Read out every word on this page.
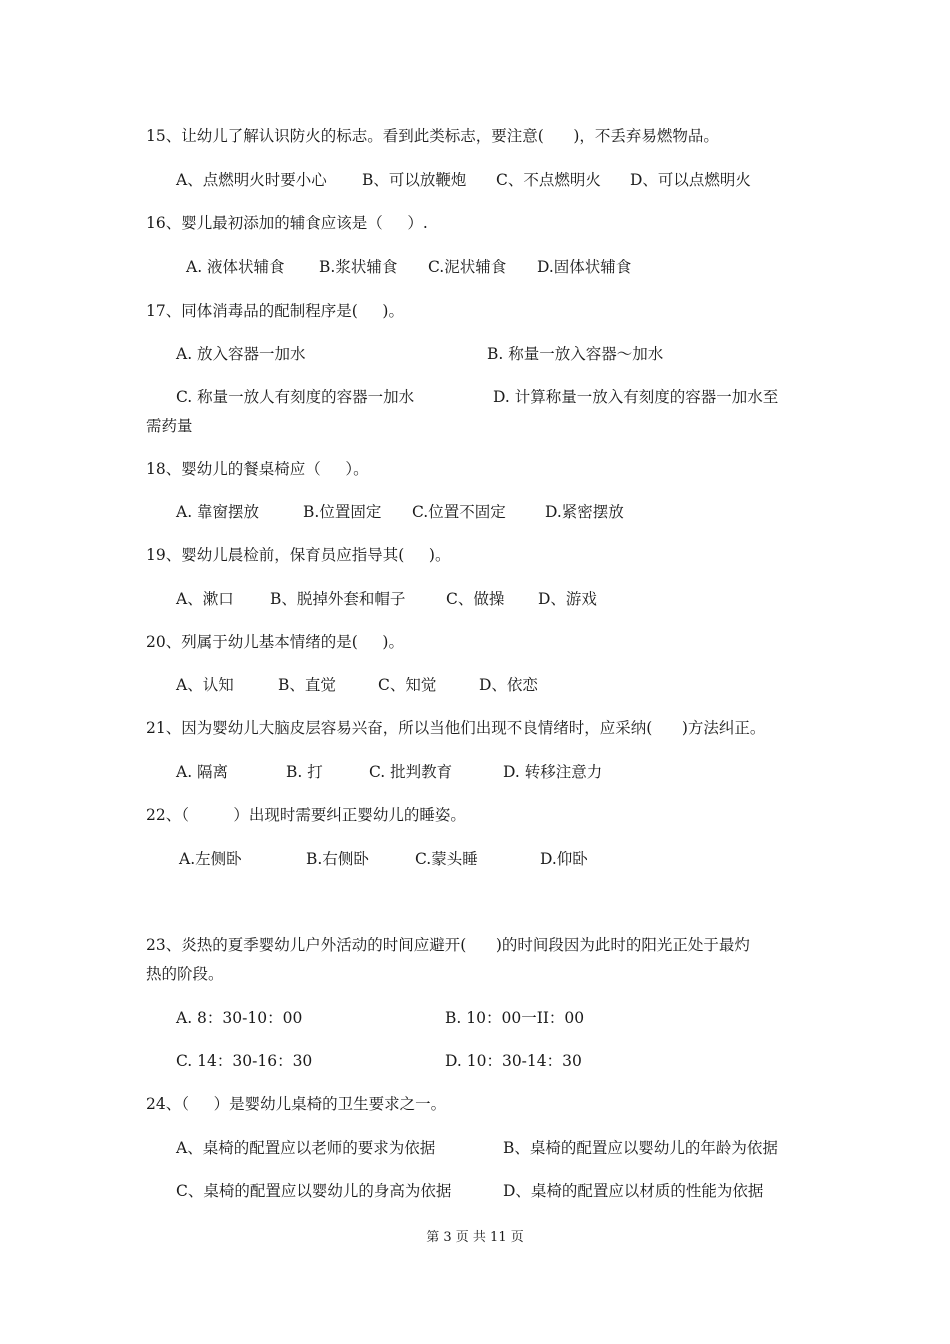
15、让幼儿了解认识防火的标志。看到此类标志，要注意(      )，不丢弃易燃物品。
A、点燃明火时要小心 B、可以放鞭炮 C、不点燃明火 D、可以点燃明火
16、婴儿最初添加的辅食应该是（     ）.
A. 液体状辅食 B.浆状辅食 C.泥状辅食 D.固体状辅食
17、同体消毒品的配制程序是(     )。
A. 放入容器一加水	B. 称量一放入容器～加水
C. 称量一放人有刻度的容器一加水	D. 计算称量一放入有刻度的容器一加水至
需药量
18、婴幼儿的餐桌椅应（     ）。
A. 靠窗摆放	B.位置固定 C.位置不固定	D.紧密摆放
19、婴幼儿晨检前，保育员应指导其(     )。
A、漱口 B、脱掉外套和帽子	C、做操 D、游戏
20、列属于幼儿基本情绪的是(     )。
A、认知	B、直觉	C、知觉	D、依恋
21、因为婴幼儿大脑皮层容易兴奋，所以当他们出现不良情绪时，应采纳(      )方法纠正。
A. 隔离	B. 打	C. 批判教育	D. 转移注意力
22、（         ）出现时需要纠正婴幼儿的睡姿。
A.左侧卧	B.右侧卧	C.蒙头睡	D.仰卧
23、炎热的夏季婴幼儿户外活动的时间应避开(      )的时间段因为此时的阳光正处于最灼
热的阶段。
A. 8：30-10：00	B. 10：00一II：00
C. 14：30-16：30	D. 10：30-14：30
24、（     ）是婴幼儿桌椅的卫生要求之一。
A、桌椅的配置应以老师的要求为依据	B、桌椅的配置应以婴幼儿的年龄为依据
C、桌椅的配置应以婴幼儿的身高为依据	D、桌椅的配置应以材质的性能为依据
第 3 页 共 11 页
